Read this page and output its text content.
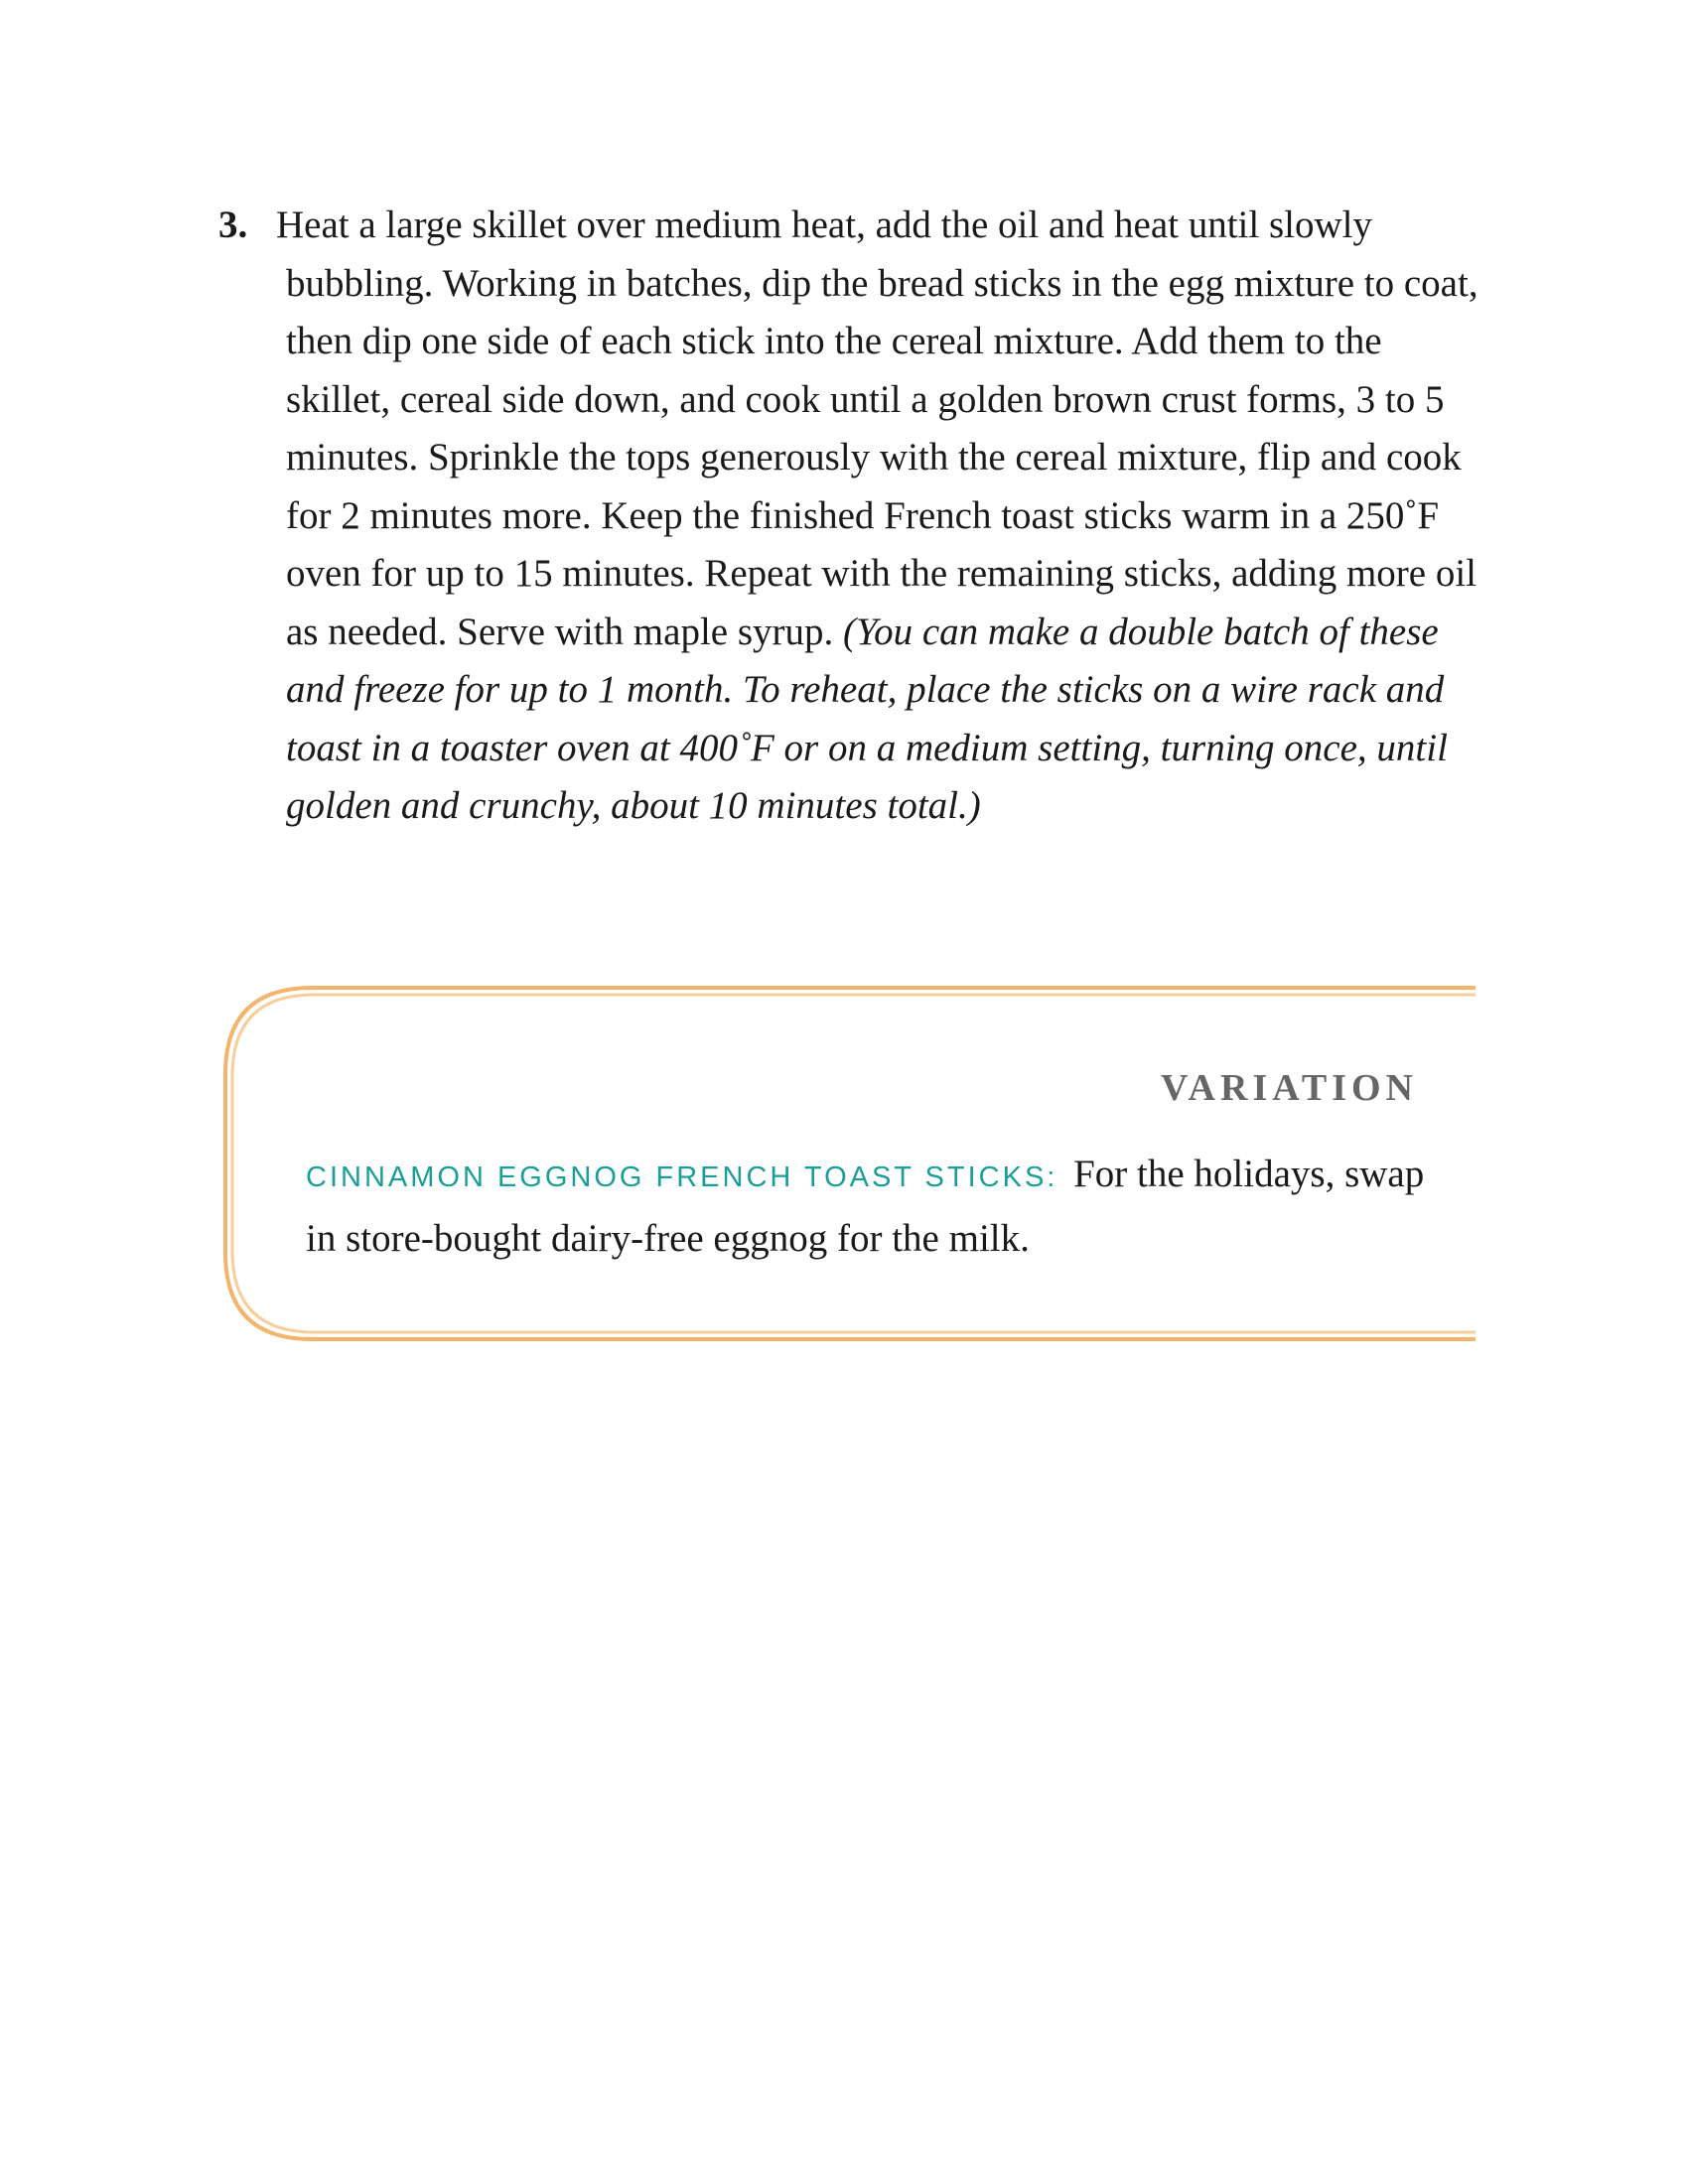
3. Heat a large skillet over medium heat, add the oil and heat until slowly bubbling. Working in batches, dip the bread sticks in the egg mixture to coat, then dip one side of each stick into the cereal mixture. Add them to the skillet, cereal side down, and cook until a golden brown crust forms, 3 to 5 minutes. Sprinkle the tops generously with the cereal mixture, flip and cook for 2 minutes more. Keep the finished French toast sticks warm in a 250˚F oven for up to 15 minutes. Repeat with the remaining sticks, adding more oil as needed. Serve with maple syrup. (You can make a double batch of these and freeze for up to 1 month. To reheat, place the sticks on a wire rack and toast in a toaster oven at 400˚F or on a medium setting, turning once, until golden and crunchy, about 10 minutes total.)
VARIATION
CINNAMON EGGNOG FRENCH TOAST STICKS: For the holidays, swap in store-bought dairy-free eggnog for the milk.
